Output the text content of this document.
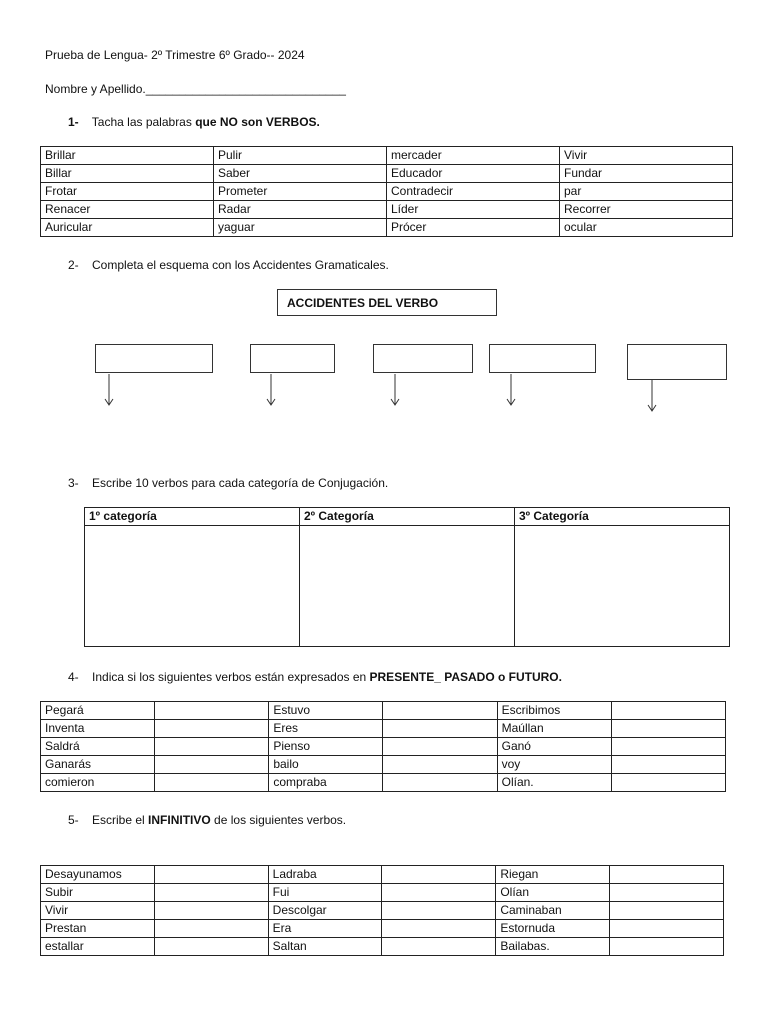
Prueba de Lengua- 2º Trimestre 6º Grado-- 2024
Nombre y Apellido.______________________________
1- Tacha las palabras que NO son VERBOS.
Brillar	Pulir	mercader	Vivir
Billar	Saber	Educador	Fundar
Frotar	Prometer	Contradecir	par
Renacer	Radar	Líder	Recorrer
Auricular	yaguar	Prócer	ocular
2- Completa el esquema con los Accidentes Gramaticales.
ACCIDENTES DEL VERBO
3- Escribe 10 verbos para cada categoría de Conjugación.
1º categoría	2º Categoría	3º Categoría

4- Indica si los siguientes verbos están expresados en PRESENTE_ PASADO o FUTURO.
Pegará		Estuvo		Escribimos	
Inventa		Eres		Maúllan	
Saldrá		Pienso		Ganó	
Ganarás		bailo		voy	
comieron		compraba		Olían.	
5- Escribe el INFINITIVO de los siguientes verbos.
Desayunamos		Ladraba		Riegan	
Subir		Fui		Olían	
Vivir		Descolgar		Caminaban	
Prestan		Era		Estornuda	
estallar		Saltan		Bailabas.	
